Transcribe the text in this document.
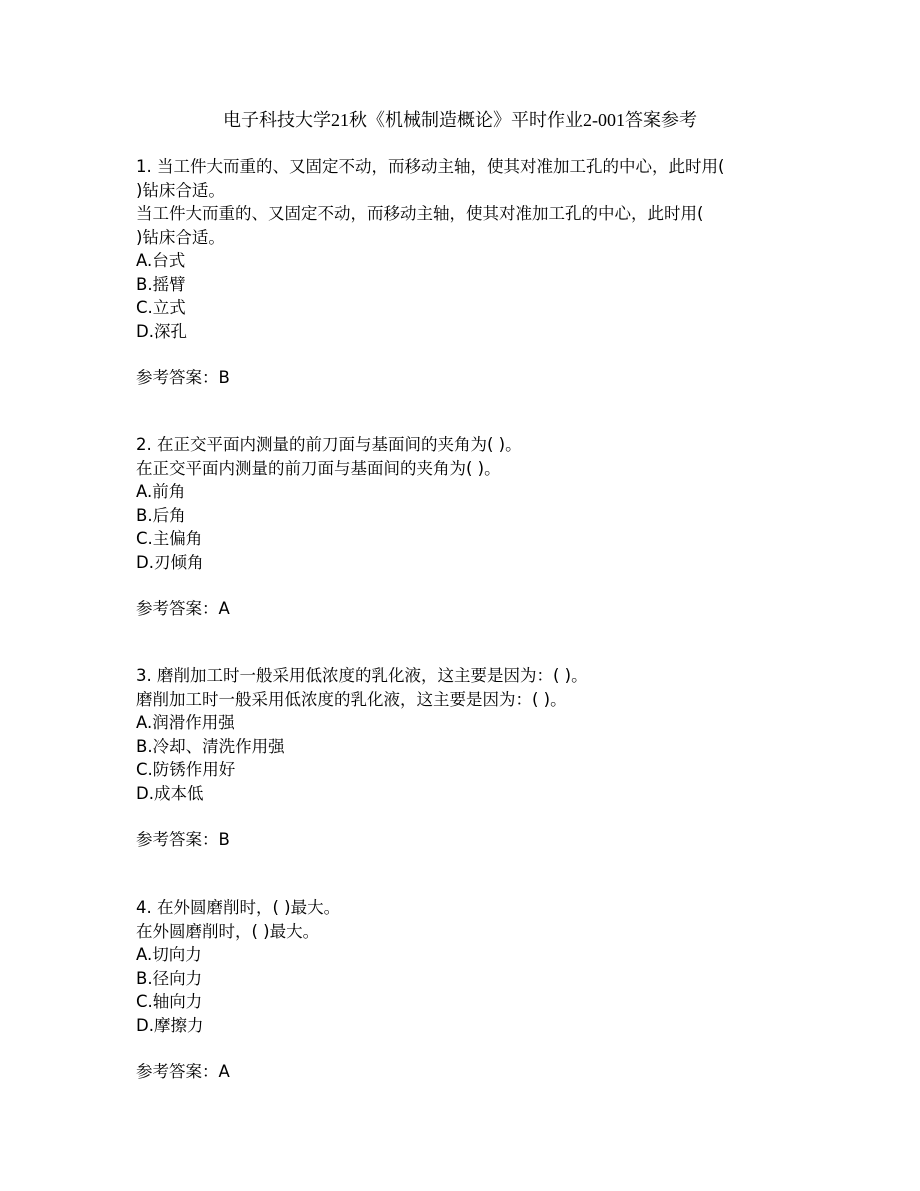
电子科技大学21秋《机械制造概论》平时作业2-001答案参考
1. 当工件大而重的、又固定不动，而移动主轴，使其对准加工孔的中心，此时用(
)钻床合适。
当工件大而重的、又固定不动，而移动主轴，使其对准加工孔的中心，此时用(
)钻床合适。
A.台式
B.摇臂
C.立式
D.深孔
参考答案：B
2. 在正交平面内测量的前刀面与基面间的夹角为( )。
在正交平面内测量的前刀面与基面间的夹角为( )。
A.前角
B.后角
C.主偏角
D.刃倾角
参考答案：A
3. 磨削加工时一般采用低浓度的乳化液，这主要是因为：( )。
磨削加工时一般采用低浓度的乳化液，这主要是因为：( )。
A.润滑作用强
B.冷却、清洗作用强
C.防锈作用好
D.成本低
参考答案：B
4. 在外圆磨削时，( )最大。
在外圆磨削时，( )最大。
A.切向力
B.径向力
C.轴向力
D.摩擦力
参考答案：A
